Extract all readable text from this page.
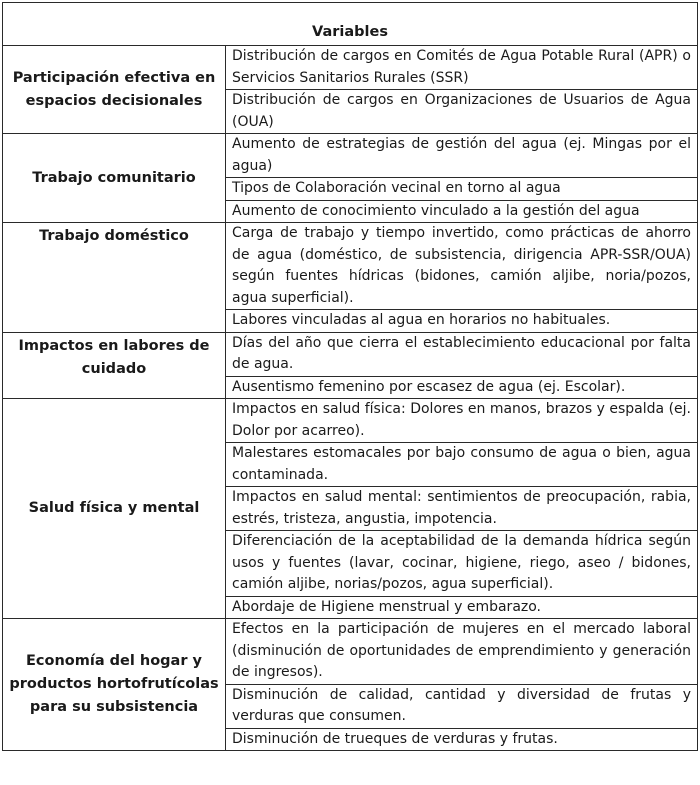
Variables	
Participación efectiva en espacios decisionales	Distribución de cargos en Comités de Agua Potable Rural (APR) o Servicios Sanitarios Rurales (SSR)
	Distribución de cargos en Organizaciones de Usuarios de Agua (OUA)
Trabajo comunitario	Aumento de estrategias de gestión del agua (ej. Mingas por el agua)
	Tipos de Colaboración vecinal en torno al agua
	Aumento de conocimiento vinculado a la gestión del agua
Trabajo doméstico	Carga de trabajo y tiempo invertido, como prácticas de ahorro de agua (doméstico, de subsistencia, dirigencia APR-SSR/OUA) según fuentes hídricas (bidones, camión aljibe, noria/pozos, agua superficial).
	Labores vinculadas al agua en horarios no habituales.
Impactos en labores de cuidado	Días del año que cierra el establecimiento educacional por falta de agua.
	Ausentismo femenino por escasez de agua (ej. Escolar).
Salud física y mental	Impactos en salud física: Dolores en manos, brazos y espalda (ej. Dolor por acarreo).
	Malestares estomacales por bajo consumo de agua o bien, agua contaminada.
	Impactos en salud mental: sentimientos de preocupación, rabia, estrés, tristeza, angustia, impotencia.
	Diferenciación de la aceptabilidad de la demanda hídrica según usos y fuentes (lavar, cocinar, higiene, riego, aseo / bidones, camión aljibe, norias/pozos, agua superficial).
	Abordaje de Higiene menstrual y embarazo.
Economía del hogar y productos hortofrutícolas para su subsistencia	Efectos en la participación de mujeres en el mercado laboral (disminución de oportunidades de emprendimiento y generación de ingresos).
	Disminución de calidad, cantidad y diversidad de frutas y verduras que consumen.
	Disminución de trueques de verduras y frutas.
